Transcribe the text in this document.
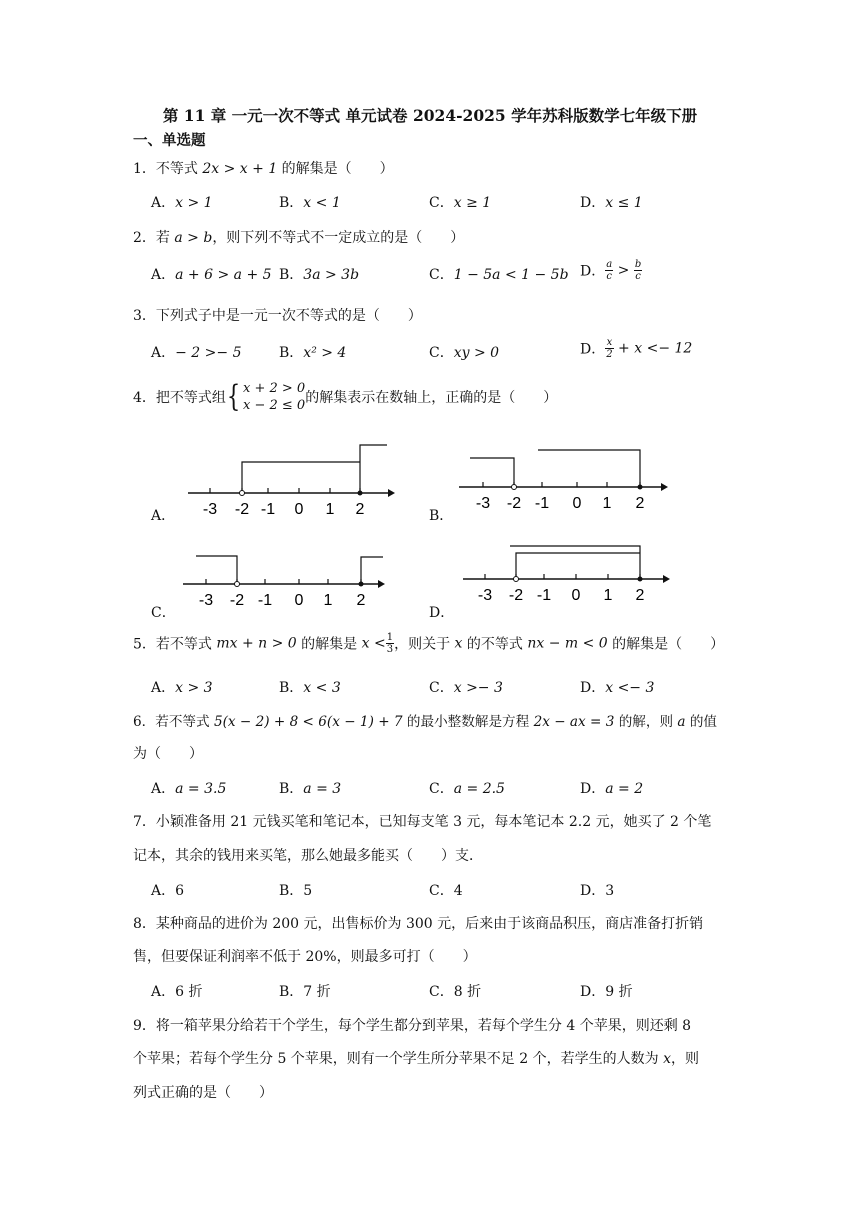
第 11 章 一元一次不等式 单元试卷 2024-2025 学年苏科版数学七年级下册
一、单选题
1．不等式 2x > x + 1 的解集是（　　）
A．x > 1	B．x < 1	C．x ≥ 1	D．x ≤ 1
2．若 a > b，则下列不等式不一定成立的是（　　）
A．a + 6 > a + 5 B．3a > 3b	C．1 − 5a < 1 − 5b D． $\frac{a}{c} > \frac{b}{c}$
3．下列式子中是一元一次不等式的是（　　）
A．− 2 >− 5	B．x² > 4	C．xy > 0	D． $\frac{x}{2} + x <- 12$
4．把不等式组{ x + 2 > 0
x − 2 ≤ 0 的解集表示在数轴上，正确的是（　　）
A． -3 -2 -1 0 1 2	B．
-3 -2 -1 0 1 2
C．
-3 -2 -1 0 1 2
D．
-3 -2 -1 0 1 2
5．若不等式 mx + n > 0 的解集是 $x < \frac{1}{3}$ ，则关于 x 的不等式 nx − m < 0 的解集是（　　）
A．x > 3	B．x < 3	C．x >− 3	D．x <− 3
6．若不等式 5(x − 2) + 8 < 6(x − 1) + 7 的最小整数解是方程 2x − ax = 3 的解，则 a 的值
为（　　）
A．a = 3.5	B．a = 3	C．a = 2.5	D．a = 2
7．小颖准备用 21 元钱买笔和笔记本，已知每支笔 3 元，每本笔记本 2.2 元，她买了 2 个笔
记本，其余的钱用来买笔，那么她最多能买（　　）支．
A．6	B．5	C．4	D．3
8．某种商品的进价为 200 元，出售标价为 300 元，后来由于该商品积压，商店准备打折销
售，但要保证利润率不低于 20%，则最多可打（　　）
A．6 折	B．7 折	C．8 折	D．9 折
9．将一箱苹果分给若干个学生，每个学生都分到苹果，若每个学生分 4 个苹果，则还剩 8
个苹果；若每个学生分 5 个苹果，则有一个学生所分苹果不足 2 个，若学生的人数为 x，则
列式正确的是（　　）
